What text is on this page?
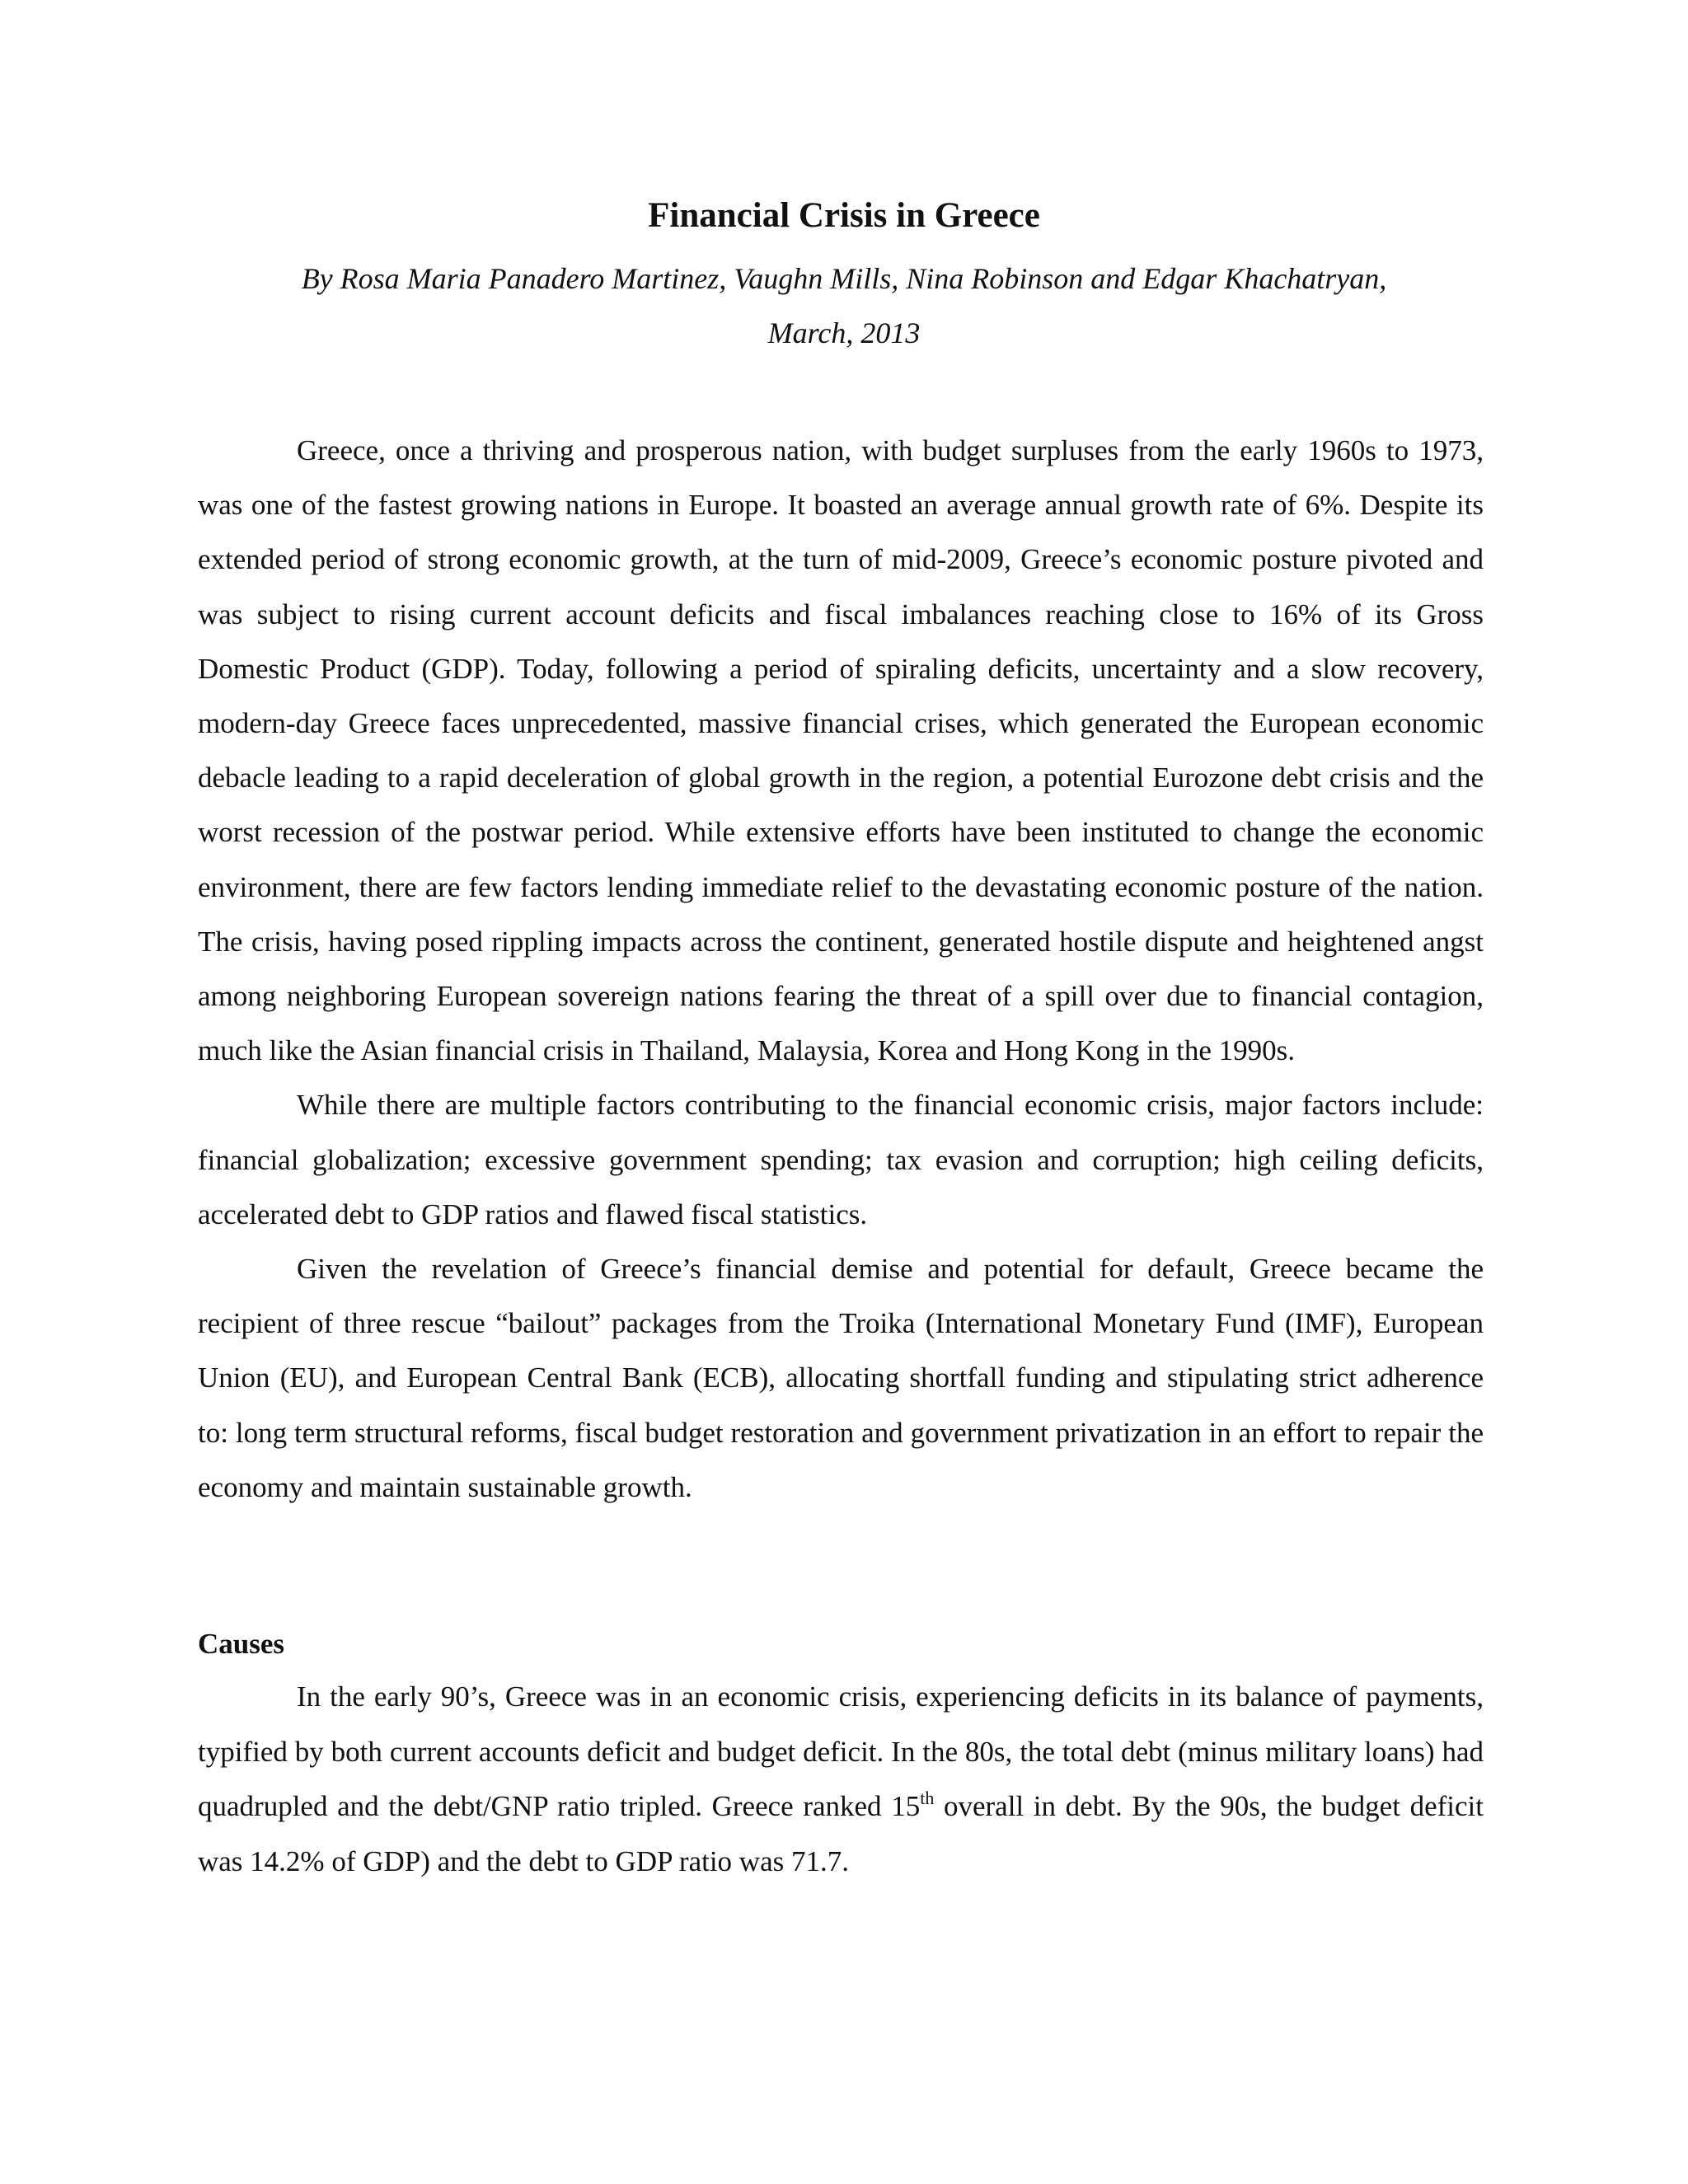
Financial Crisis in Greece
By Rosa Maria Panadero Martinez, Vaughn Mills, Nina Robinson and Edgar Khachatryan,
March, 2013

Greece, once a thriving and prosperous nation, with budget surpluses from the early 1960s to 1973, was one of the fastest growing nations in Europe. It boasted an average annual growth rate of 6%. Despite its extended period of strong economic growth, at the turn of mid-2009, Greece’s economic posture pivoted and was subject to rising current account deficits and fiscal imbalances reaching close to 16% of its Gross Domestic Product (GDP). Today, following a period of spiraling deficits, uncertainty and a slow recovery, modern-day Greece faces unprecedented, massive financial crises, which generated the European economic debacle leading to a rapid deceleration of global growth in the region, a potential Eurozone debt crisis and the worst recession of the postwar period. While extensive efforts have been instituted to change the economic environment, there are few factors lending immediate relief to the devastating economic posture of the nation. The crisis, having posed rippling impacts across the continent, generated hostile dispute and heightened angst among neighboring European sovereign nations fearing the threat of a spill over due to financial contagion, much like the Asian financial crisis in Thailand, Malaysia, Korea and Hong Kong in the 1990s.

While there are multiple factors contributing to the financial economic crisis, major factors include: financial globalization; excessive government spending; tax evasion and corruption; high ceiling deficits, accelerated debt to GDP ratios and flawed fiscal statistics.

Given the revelation of Greece’s financial demise and potential for default, Greece became the recipient of three rescue “bailout” packages from the Troika (International Monetary Fund (IMF), European Union (EU), and European Central Bank (ECB), allocating shortfall funding and stipulating strict adherence to: long term structural reforms, fiscal budget restoration and government privatization in an effort to repair the economy and maintain sustainable growth.

Causes

In the early 90’s, Greece was in an economic crisis, experiencing deficits in its balance of payments, typified by both current accounts deficit and budget deficit. In the 80s, the total debt (minus military loans) had quadrupled and the debt/GNP ratio tripled. Greece ranked 15th overall in debt. By the 90s, the budget deficit was 14.2% of GDP) and the debt to GDP ratio was 71.7.
